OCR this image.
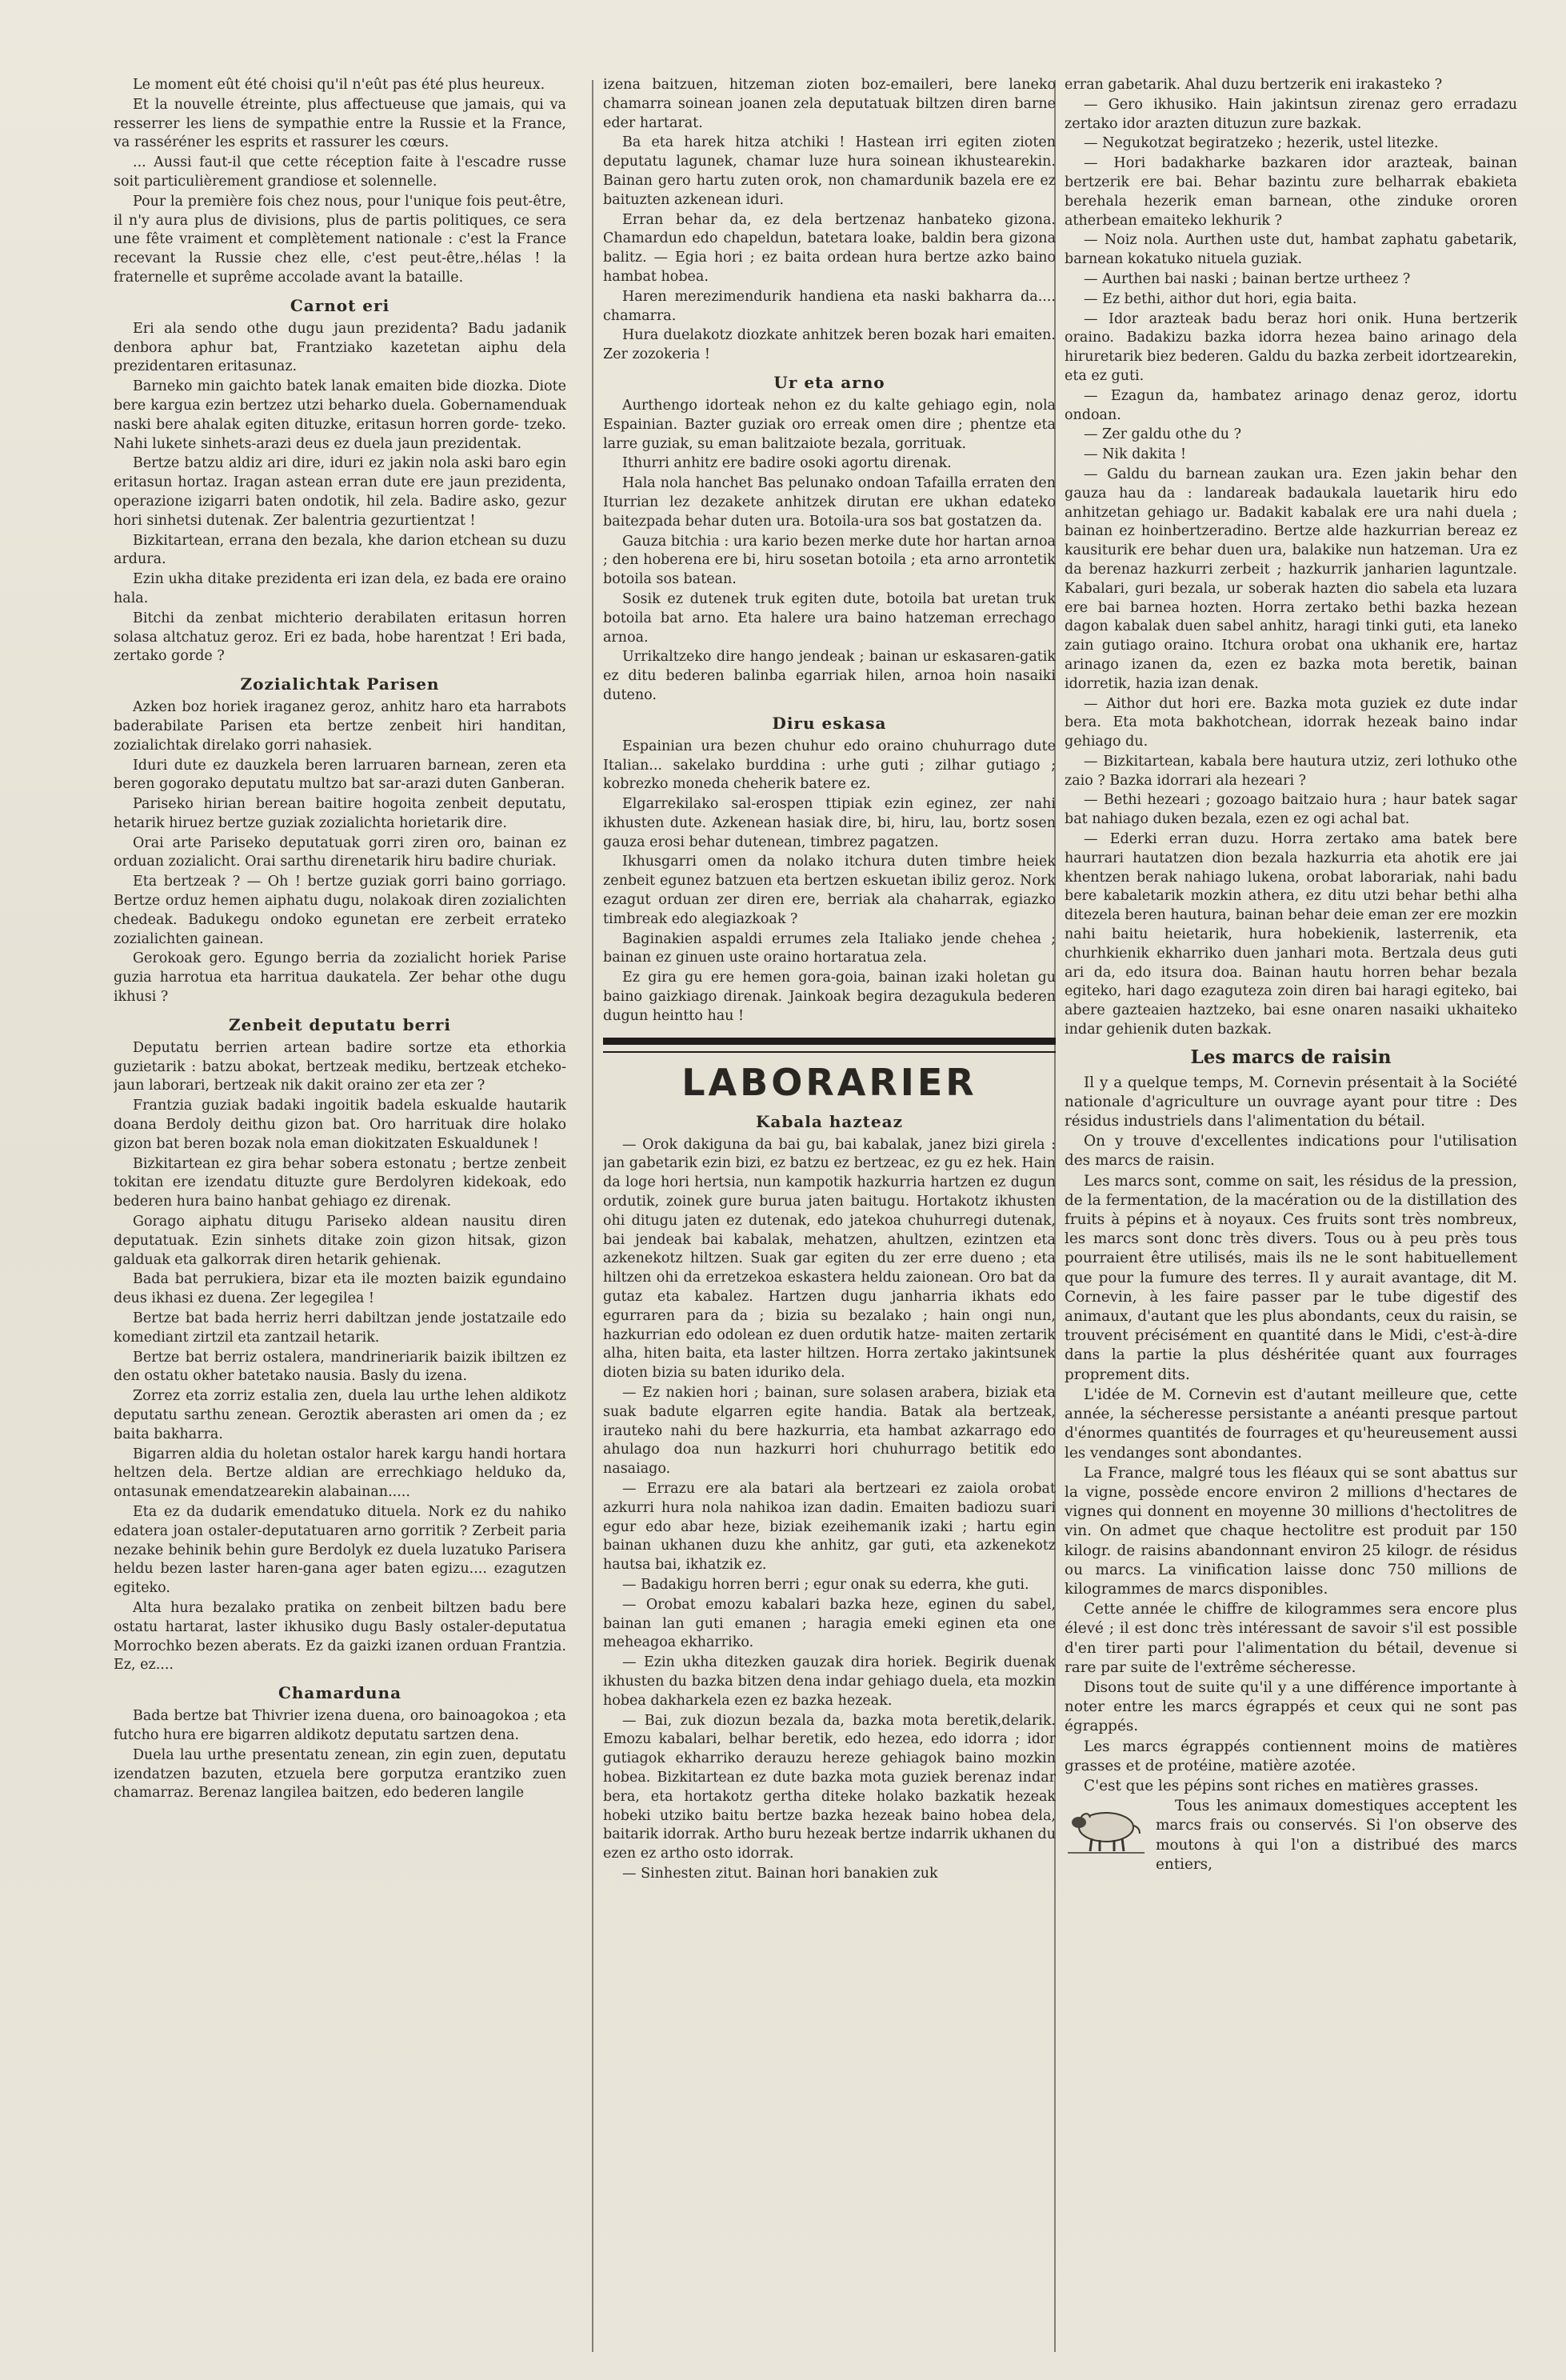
Le moment eût été choisi qu'il n'eût pas été plus heureux.

Et la nouvelle étreinte, plus affectueuse que jamais, qui va resserrer les liens de sympathie entre la Russie et la France, va rasséréner les esprits et rassurer les cœurs.

... Aussi faut-il que cette réception faite à l'escadre russe soit particulièrement grandiose et solennelle.

Pour la première fois chez nous, pour l'unique fois peut-être, il n'y aura plus de divisions, plus de partis politiques, ce sera une fête vraiment et complètement nationale : c'est la France recevant la Russie chez elle, c'est peut-être,.hélas ! la fraternelle et suprême accolade avant la bataille.

Carnot eri

Eri ala sendo othe dugu jaun prezidenta? Badu jadanik denbora aphur bat, Frantziako kazetetan aiphu dela prezidentaren eritasunaz.

Barneko min gaichto batek lanak emaiten bide diozka. Diote bere kargua ezin bertzez utzi beharko duela. Gobernamenduak naski bere ahalak egiten dituzke, eritasun horren gorde- tzeko. Nahi lukete sinhets-arazi deus ez duela jaun prezidentak.

Bertze batzu aldiz ari dire, iduri ez jakin nola aski baro egin eritasun hortaz. Iragan astean erran dute ere jaun prezidenta, operazione izigarri baten ondotik, hil zela. Badire asko, gezur hori sinhetsi dutenak. Zer balentria gezurtientzat !

Bizkitartean, errana den bezala, khe darion etchean su duzu ardura.

Ezin ukha ditake prezidenta eri izan dela, ez bada ere oraino hala.

Bitchi da zenbat michterio derabilaten eritasun horren solasa altchatuz geroz. Eri ez bada, hobe harentzat ! Eri bada, zertako gorde ?

Zozialichtak Parisen

Azken boz horiek iraganez geroz, anhitz haro eta harrabots baderabilate Parisen eta bertze zenbeit hiri handitan, zozialichtak direlako gorri nahasiek.

Iduri dute ez dauzkela beren larruaren barnean, zeren eta beren gogorako deputatu multzo bat sar-arazi duten Ganberan.

Pariseko hirian berean baitire hogoita zenbeit deputatu, hetarik hiruez bertze guziak zozialichta horietarik dire.

Orai arte Pariseko deputatuak gorri ziren oro, bainan ez orduan zozialicht. Orai sarthu direnetarik hiru badire churiak.

Eta bertzeak ? — Oh ! bertze guziak gorri baino gorriago. Bertze orduz hemen aiphatu dugu, nolakoak diren zozialichten chedeak. Badukegu ondoko egunetan ere zerbeit errateko zozialichten gainean.

Gerokoak gero. Egungo berria da zozialicht horiek Parise guzia harrotua eta harritua daukatela. Zer behar othe dugu ikhusi ?

Zenbeit deputatu berri

Deputatu berrien artean badire sortze eta ethorkia guzietarik : batzu abokat, bertzeak mediku, bertzeak etcheko-jaun laborari, bertzeak nik dakit oraino zer eta zer ?

Frantzia guziak badaki ingoitik badela eskualde hautarik doana Berdoly deithu gizon bat. Oro harrituak dire holako gizon bat beren bozak nola eman diokitzaten Eskualdunek !

Bizkitartean ez gira behar sobera estonatu ; bertze zenbeit tokitan ere izendatu dituzte gure Berdolyren kidekoak, edo bederen hura baino hanbat gehiago ez direnak.

Gorago aiphatu ditugu Pariseko aldean nausitu diren deputatuak. Ezin sinhets ditake zoin gizon hitsak, gizon galduak eta galkorrak diren hetarik gehienak.

Bada bat perrukiera, bizar eta ile mozten baizik egundaino deus ikhasi ez duena. Zer legegilea !

Bertze bat bada herriz herri dabiltzan jende jostatzaile edo komediant zirtzil eta zantzail hetarik.

Bertze bat berriz ostalera, mandrineriarik baizik ibiltzen ez den ostatu okher batetako nausia. Basly du izena.

Zorrez eta zorriz estalia zen, duela lau urthe lehen aldikotz deputatu sarthu zenean. Geroztik aberasten ari omen da ; ez baita bakharra.

Bigarren aldia du holetan ostalor harek kargu handi hortara heltzen dela. Bertze aldian are errechkiago helduko da, ontasunak emendatzearekin alabainan.....

Eta ez da dudarik emendatuko dituela. Nork ez du nahiko edatera joan ostaler-deputatuaren arno gorritik ? Zerbeit paria nezake behinik behin gure Berdolyk ez duela luzatuko Parisera heldu bezen laster haren-gana ager baten egizu.... ezagutzen egiteko.

Alta hura bezalako pratika on zenbeit biltzen badu bere ostatu hartarat, laster ikhusiko dugu Basly ostaler-deputatua Morrochko bezen aberats. Ez da gaizki izanen orduan Frantzia. Ez, ez....

Chamarduna

Bada bertze bat Thivrier izena duena, oro bainoagokoa ; eta futcho hura ere bigarren aldikotz deputatu sartzen dena.

Duela lau urthe presentatu zenean, zin egin zuen, deputatu izendatzen bazuten, etzuela bere gorputza erantziko zuen chamarraz. Berenaz langilea baitzen, edo bederen langile

izena baitzuen, hitzeman zioten boz-emaileri, bere laneko chamarra soinean joanen zela deputatuak biltzen diren barne eder hartarat.

Ba eta harek hitza atchiki ! Hastean irri egiten zioten deputatu lagunek, chamar luze hura soinean ikhustearekin. Bainan gero hartu zuten orok, non chamardunik bazela ere ez baituzten azkenean iduri.

Erran behar da, ez dela bertzenaz hanbateko gizona. Chamardun edo chapeldun, batetara loake, baldin bera gizona balitz. — Egia hori ; ez baita ordean hura bertze azko baino hambat hobea.

Haren merezimendurik handiena eta naski bakharra da.... chamarra.

Hura duelakotz diozkate anhitzek beren bozak hari emaiten. Zer zozokeria !

Ur eta arno

Aurthengo idorteak nehon ez du kalte gehiago egin, nola Espainian. Bazter guziak oro erreak omen dire ; phentze eta larre guziak, su eman balitzaiote bezala, gorrituak.

Ithurri anhitz ere badire osoki agortu direnak.

Hala nola hanchet Bas pelunako ondoan Tafailla erraten den Iturrian lez dezakete anhitzek dirutan ere ukhan edateko baitezpada behar duten ura. Botoila-ura sos bat gostatzen da.

Gauza bitchia : ura kario bezen merke dute hor hartan arnoa ; den hoberena ere bi, hiru sosetan botoila ; eta arno arrontetik botoila sos batean.

Sosik ez dutenek truk egiten dute, botoila bat uretan truk botoila bat arno. Eta halere ura baino hatzeman errechago arnoa.

Urrikaltzeko dire hango jendeak ; bainan ur eskasaren-gatik ez ditu bederen balinba egarriak hilen, arnoa hoin nasaiki duteno.

Diru eskasa

Espainian ura bezen chuhur edo oraino chuhurrago dute Italian... sakelako burddina : urhe guti ; zilhar gutiago ; kobrezko moneda cheherik batere ez.

Elgarrekilako sal-erospen ttipiak ezin eginez, zer nahi ikhusten dute. Azkenean hasiak dire, bi, hiru, lau, bortz sosen gauza erosi behar dutenean, timbrez pagatzen.

Ikhusgarri omen da nolako itchura duten timbre heiek zenbeit egunez batzuen eta bertzen eskuetan ibiliz geroz. Nork ezagut orduan zer diren ere, berriak ala chaharrak, egiazko timbreak edo alegiazkoak ?

Baginakien aspaldi errumes zela Italiako jende chehea ; bainan ez ginuen uste oraino hortaratua zela.

Ez gira gu ere hemen gora-goia, bainan izaki holetan gu baino gaizkiago direnak. Jainkoak begira dezagukula bederen dugun heintto hau !

LABORARIER
Kabala hazteaz

— Orok dakiguna da bai gu, bai kabalak, janez bizi girela : jan gabetarik ezin bizi, ez batzu ez bertzeac, ez gu ez hek. Hain da loge hori hertsia, nun kampotik hazkurria hartzen ez dugun ordutik, zoinek gure burua jaten baitugu. Hortakotz ikhusten ohi ditugu jaten ez dutenak, edo jatekoa chuhurregi dutenak, bai jendeak bai kabalak, mehatzen, ahultzen, ezintzen eta azkenekotz hiltzen. Suak gar egiten du zer erre dueno ; eta hiltzen ohi da erretzekoa eskastera heldu zaionean. Oro bat da gutaz eta kabalez. Hartzen dugu janharria ikhats edo egurraren para da ; bizia su bezalako ; hain ongi nun, hazkurrian edo odolean ez duen ordutik hatze- maiten zertarik alha, hiten baita, eta laster hiltzen. Horra zertako jakintsunek dioten bizia su baten iduriko dela.

— Ez nakien hori ; bainan, sure solasen arabera, biziak eta suak badute elgarren egite handia. Batak ala bertzeak, irauteko nahi du bere hazkurria, eta hambat azkarrago edo ahulago doa nun hazkurri hori chuhurrago betitik edo nasaiago.

— Errazu ere ala batari ala bertzeari ez zaiola orobat azkurri hura nola nahikoa izan dadin. Emaiten badiozu suari egur edo abar heze, biziak ezeihemanik izaki ; hartu egin bainan ukhanen duzu khe anhitz, gar guti, eta azkenekotz hautsa bai, ikhatzik ez.

— Badakigu horren berri ; egur onak su ederra, khe guti.

— Orobat emozu kabalari bazka heze, eginen du sabel, bainan lan guti emanen ; haragia emeki eginen eta one meheagoa ekharriko.

— Ezin ukha ditezken gauzak dira horiek. Begirik duenak ikhusten du bazka bitzen dena indar gehiago duela, eta mozkin hobea dakharkela ezen ez bazka hezeak.

— Bai, zuk diozun bezala da, bazka mota beretik,delarik. Emozu kabalari, belhar beretik, edo hezea, edo idorra ; idor gutiagok ekharriko derauzu hereze gehiagok baino mozkin hobea. Bizkitartean ez dute bazka mota guziek berenaz indar bera, eta hortakotz gertha diteke holako bazkatik hezeak hobeki utziko baitu bertze bazka hezeak baino hobea dela, baitarik idorrak. Artho buru hezeak bertze indarrik ukhanen du ezen ez artho osto idorrak.

— Sinhesten zitut. Bainan hori banakien zuk

erran gabetarik. Ahal duzu bertzerik eni irakasteko ?

— Gero ikhusiko. Hain jakintsun zirenaz gero erradazu zertako idor arazten dituzun zure bazkak.

— Negukotzat begiratzeko ; hezerik, ustel litezke.

— Hori badakharke bazkaren idor arazteak, bainan bertzerik ere bai. Behar bazintu zure belharrak ebakieta berehala hezerik eman barnean, othe zinduke ororen atherbean emaiteko lekhurik ?

— Noiz nola. Aurthen uste dut, hambat zaphatu gabetarik, barnean kokatuko nituela guziak.

— Aurthen bai naski ; bainan bertze urtheez ?

— Ez bethi, aithor dut hori, egia baita.

— Idor arazteak badu beraz hori onik. Huna bertzerik oraino. Badakizu bazka idorra hezea baino arinago dela hiruretarik biez bederen. Galdu du bazka zerbeit idortzearekin, eta ez guti.

— Ezagun da, hambatez arinago denaz geroz, idortu ondoan.

— Zer galdu othe du ?

— Nik dakita !

— Galdu du barnean zaukan ura. Ezen jakin behar den gauza hau da : landareak badaukala lauetarik hiru edo anhitzetan gehiago ur. Badakit kabalak ere ura nahi duela ; bainan ez hoinbertzeradino. Bertze alde hazkurrian bereaz ez kausiturik ere behar duen ura, balakike nun hatzeman. Ura ez da berenaz hazkurri zerbeit ; hazkurrik janharien laguntzale. Kabalari, guri bezala, ur soberak hazten dio sabela eta luzara ere bai barnea hozten. Horra zertako bethi bazka hezean dagon kabalak duen sabel anhitz, haragi tinki guti, eta laneko zain gutiago oraino. Itchura orobat ona ukhanik ere, hartaz arinago izanen da, ezen ez bazka mota beretik, bainan idorretik, hazia izan denak.

— Aithor dut hori ere. Bazka mota guziek ez dute indar bera. Eta mota bakhotchean, idorrak hezeak baino indar gehiago du.

— Bizkitartean, kabala bere hautura utziz, zeri lothuko othe zaio ? Bazka idorrari ala hezeari ?

— Bethi hezeari ; gozoago baitzaio hura ; haur batek sagar bat nahiago duken bezala, ezen ez ogi achal bat.

— Ederki erran duzu. Horra zertako ama batek bere haurrari hautatzen dion bezala hazkurria eta ahotik ere jai khentzen berak nahiago lukena, orobat laborariak, nahi badu bere kabaletarik mozkin athera, ez ditu utzi behar bethi alha ditezela beren hautura, bainan behar deie eman zer ere mozkin nahi baitu heietarik, hura hobekienik, lasterrenik, eta churhkienik ekharriko duen janhari mota. Bertzala deus guti ari da, edo itsura doa. Bainan hautu horren behar bezala egiteko, hari dago ezaguteza zoin diren bai haragi egiteko, bai abere gazteaien haztzeko, bai esne onaren nasaiki ukhaiteko indar gehienik duten bazkak.

Les marcs de raisin

Il y a quelque temps, M. Cornevin présentait à la Société nationale d'agriculture un ouvrage ayant pour titre : Des résidus industriels dans l'alimentation du bétail.

On y trouve d'excellentes indications pour l'utilisation des marcs de raisin.

Les marcs sont, comme on sait, les résidus de la pression, de la fermentation, de la macération ou de la distillation des fruits à pépins et à noyaux. Ces fruits sont très nombreux, les marcs sont donc très divers. Tous ou à peu près tous pourraient être utilisés, mais ils ne le sont habituellement que pour la fumure des terres. Il y aurait avantage, dit M. Cornevin, à les faire passer par le tube digestif des animaux, d'autant que les plus abondants, ceux du raisin, se trouvent précisément en quantité dans le Midi, c'est-à-dire dans la partie la plus déshéritée quant aux fourrages proprement dits.

L'idée de M. Cornevin est d'autant meilleure que, cette année, la sécheresse persistante a anéanti presque partout d'énormes quantités de fourrages et qu'heureusement aussi les vendanges sont abondantes.

La France, malgré tous les fléaux qui se sont abattus sur la vigne, possède encore environ 2 millions d'hectares de vignes qui donnent en moyenne 30 millions d'hectolitres de vin. On admet que chaque hectolitre est produit par 150 kilogr. de raisins abandonnant environ 25 kilogr. de résidus ou marcs. La vinification laisse donc 750 millions de kilogrammes de marcs disponibles.

Cette année le chiffre de kilogrammes sera encore plus élevé ; il est donc très intéressant de savoir s'il est possible d'en tirer parti pour l'alimentation du bétail, devenue si rare par suite de l'extrême sécheresse.

Disons tout de suite qu'il y a une différence importante à noter entre les marcs égrappés et ceux qui ne sont pas égrappés.

Les marcs égrappés contiennent moins de matières grasses et de protéine, matière azotée.

C'est que les pépins sont riches en matières grasses.

Tous les animaux domestiques acceptent les marcs frais ou conservés. Si l'on observe des moutons à qui l'on a distribué des marcs entiers,
